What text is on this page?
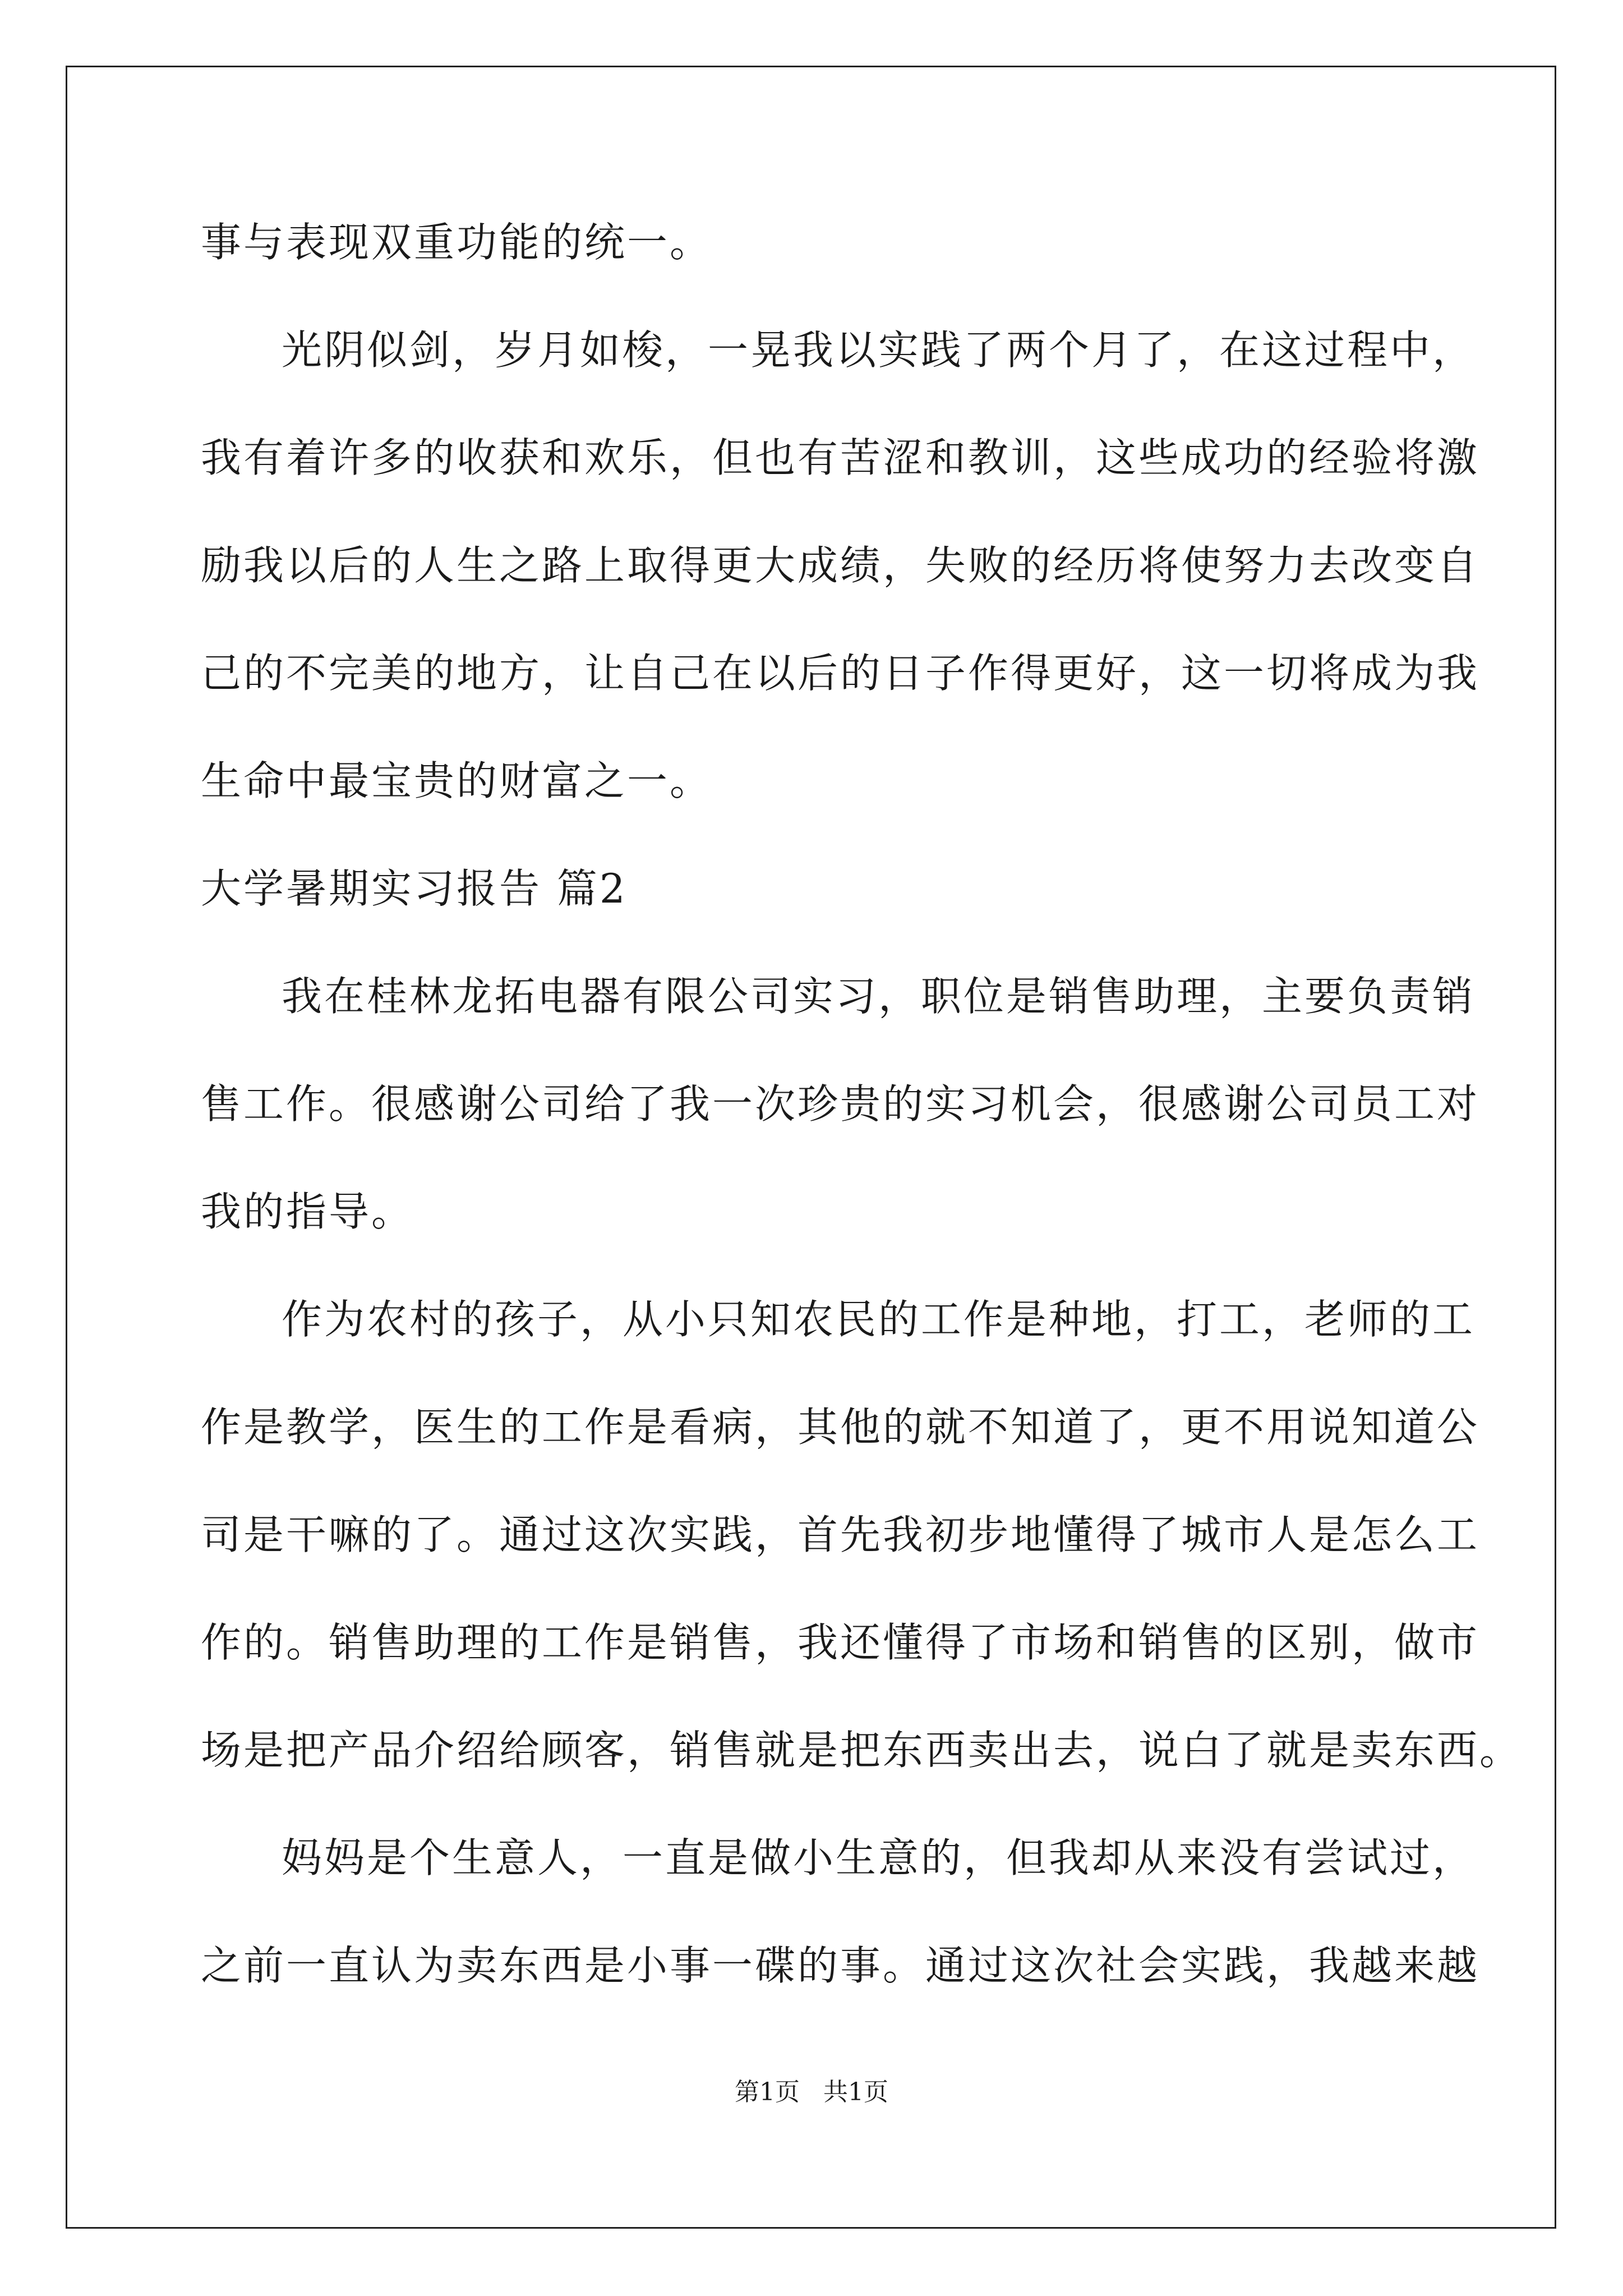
事与表现双重功能的统一。
光阴似剑，岁月如梭，一晃我以实践了两个月了，在这过程中，
我有着许多的收获和欢乐，但也有苦涩和教训，这些成功的经验将激
励我以后的人生之路上取得更大成绩，失败的经历将使努力去改变自
己的不完美的地方，让自己在以后的日子作得更好，这一切将成为我
生命中最宝贵的财富之一。
大学暑期实习报告 篇2
我在桂林龙拓电器有限公司实习，职位是销售助理，主要负责销
售工作。很感谢公司给了我一次珍贵的实习机会，很感谢公司员工对
我的指导。
作为农村的孩子，从小只知农民的工作是种地，打工，老师的工
作是教学，医生的工作是看病，其他的就不知道了，更不用说知道公
司是干嘛的了。通过这次实践，首先我初步地懂得了城市人是怎么工
作的。销售助理的工作是销售，我还懂得了市场和销售的区别，做市
场是把产品介绍给顾客，销售就是把东西卖出去，说白了就是卖东西。
妈妈是个生意人，一直是做小生意的，但我却从来没有尝试过，
之前一直认为卖东西是小事一碟的事。通过这次社会实践，我越来越
第1页   共1页
